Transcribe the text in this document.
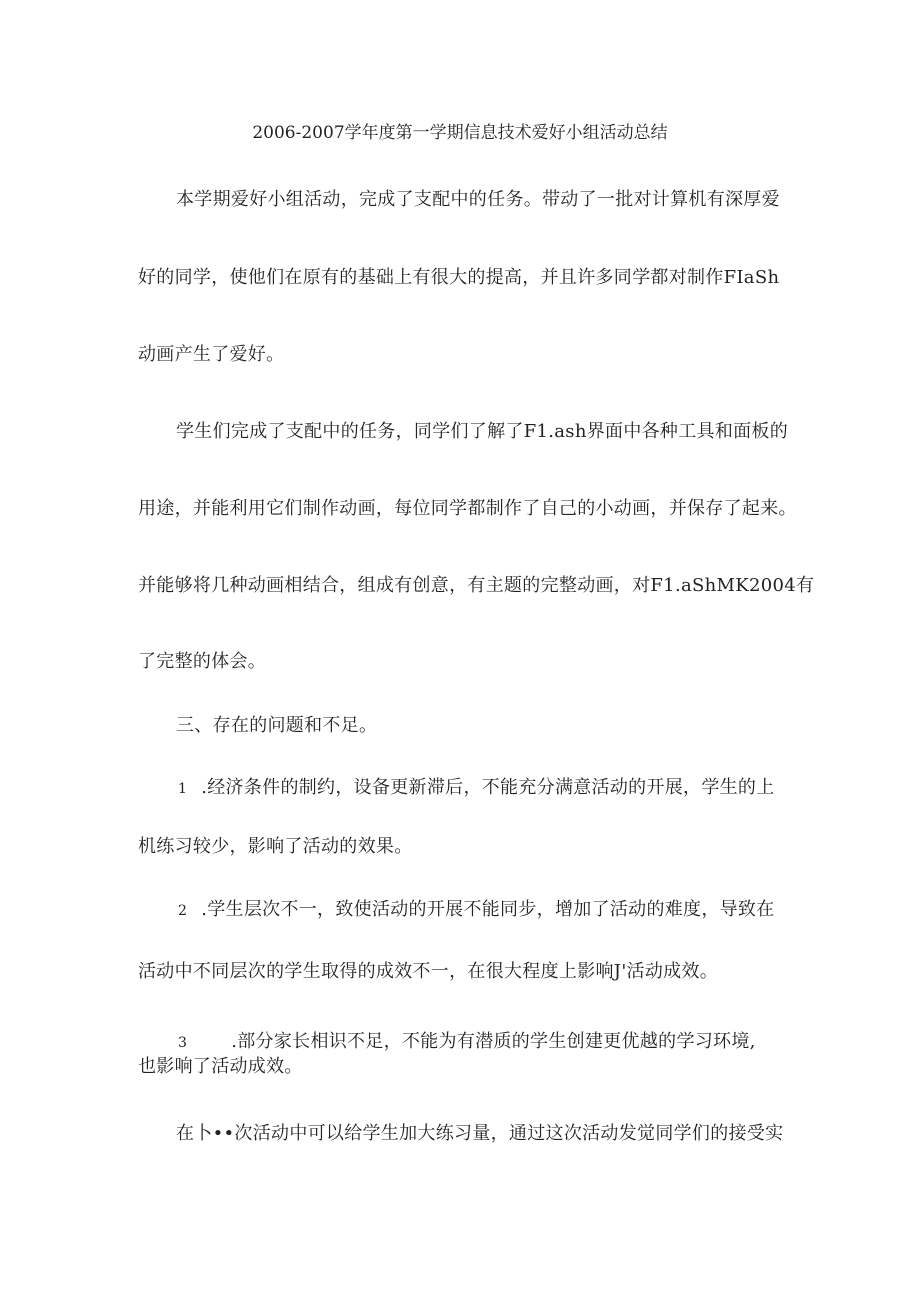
2006-2007学年度第一学期信息技术爱好小组活动总结
本学期爱好小组活动，完成了支配中的任务。带动了一批对计算机有深厚爱
好的同学，使他们在原有的基础上有很大的提高，并且许多同学都对制作FIaSh
动画产生了爱好。
学生们完成了支配中的任务，同学们了解了F1.ash界面中各种工具和面板的
用途，并能利用它们制作动画，每位同学都制作了自己的小动画，并保存了起来。
并能够将几种动画相结合，组成有创意，有主题的完整动画，对F1.aShMK2004有
了完整的体会。
三、存在的问题和不足。
1 .经济条件的制约，设备更新滞后，不能充分满意活动的开展，学生的上
机练习较少，影响了活动的效果。
2 .学生层次不一，致使活动的开展不能同步，增加了活动的难度，导致在
活动中不同层次的学生取得的成效不一，在很大程度上影响J'活动成效。
3 .部分家长相识不足，不能为有潜质的学生创建更优越的学习环境,
也影响了活动成效。
在卜••次活动中可以给学生加大练习量，通过这次活动发觉同学们的接受实
